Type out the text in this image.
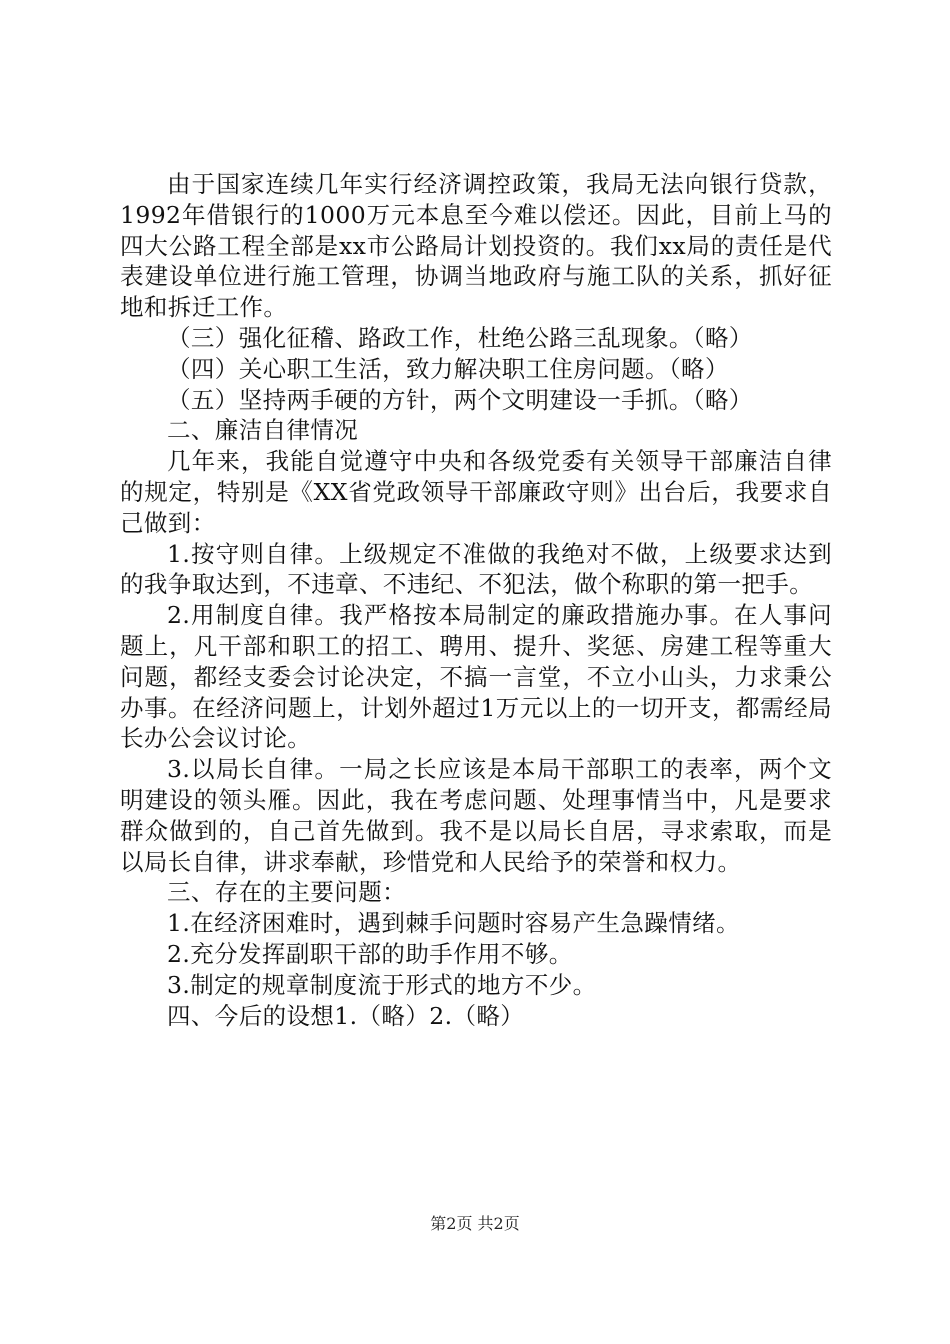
由于国家连续几年实行经济调控政策，我局无法向银行贷款，1992年借银行的1000万元本息至今难以偿还。因此，目前上马的四大公路工程全部是xx市公路局计划投资的。我们xx局的责任是代表建设单位进行施工管理，协调当地政府与施工队的关系，抓好征地和拆迁工作。

（三）强化征稽、路政工作，杜绝公路三乱现象。（略）

（四）关心职工生活，致力解决职工住房问题。（略）

（五）坚持两手硬的方针，两个文明建设一手抓。（略）

二、廉洁自律情况

几年来，我能自觉遵守中央和各级党委有关领导干部廉洁自律的规定，特别是《XX省党政领导干部廉政守则》出台后，我要求自己做到：

1.按守则自律。上级规定不准做的我绝对不做，上级要求达到的我争取达到，不违章、不违纪、不犯法，做个称职的第一把手。

2.用制度自律。我严格按本局制定的廉政措施办事。在人事问题上，凡干部和职工的招工、聘用、提升、奖惩、房建工程等重大问题，都经支委会讨论决定，不搞一言堂，不立小山头，力求秉公办事。在经济问题上，计划外超过1万元以上的一切开支，都需经局长办公会议讨论。

3.以局长自律。一局之长应该是本局干部职工的表率，两个文明建设的领头雁。因此，我在考虑问题、处理事情当中，凡是要求群众做到的，自己首先做到。我不是以局长自居，寻求索取，而是以局长自律，讲求奉献，珍惜党和人民给予的荣誉和权力。

三、存在的主要问题：

1.在经济困难时，遇到棘手问题时容易产生急躁情绪。

2.充分发挥副职干部的助手作用不够。

3.制定的规章制度流于形式的地方不少。

四、今后的设想1.（略）2.（略）

第2页 共2页
